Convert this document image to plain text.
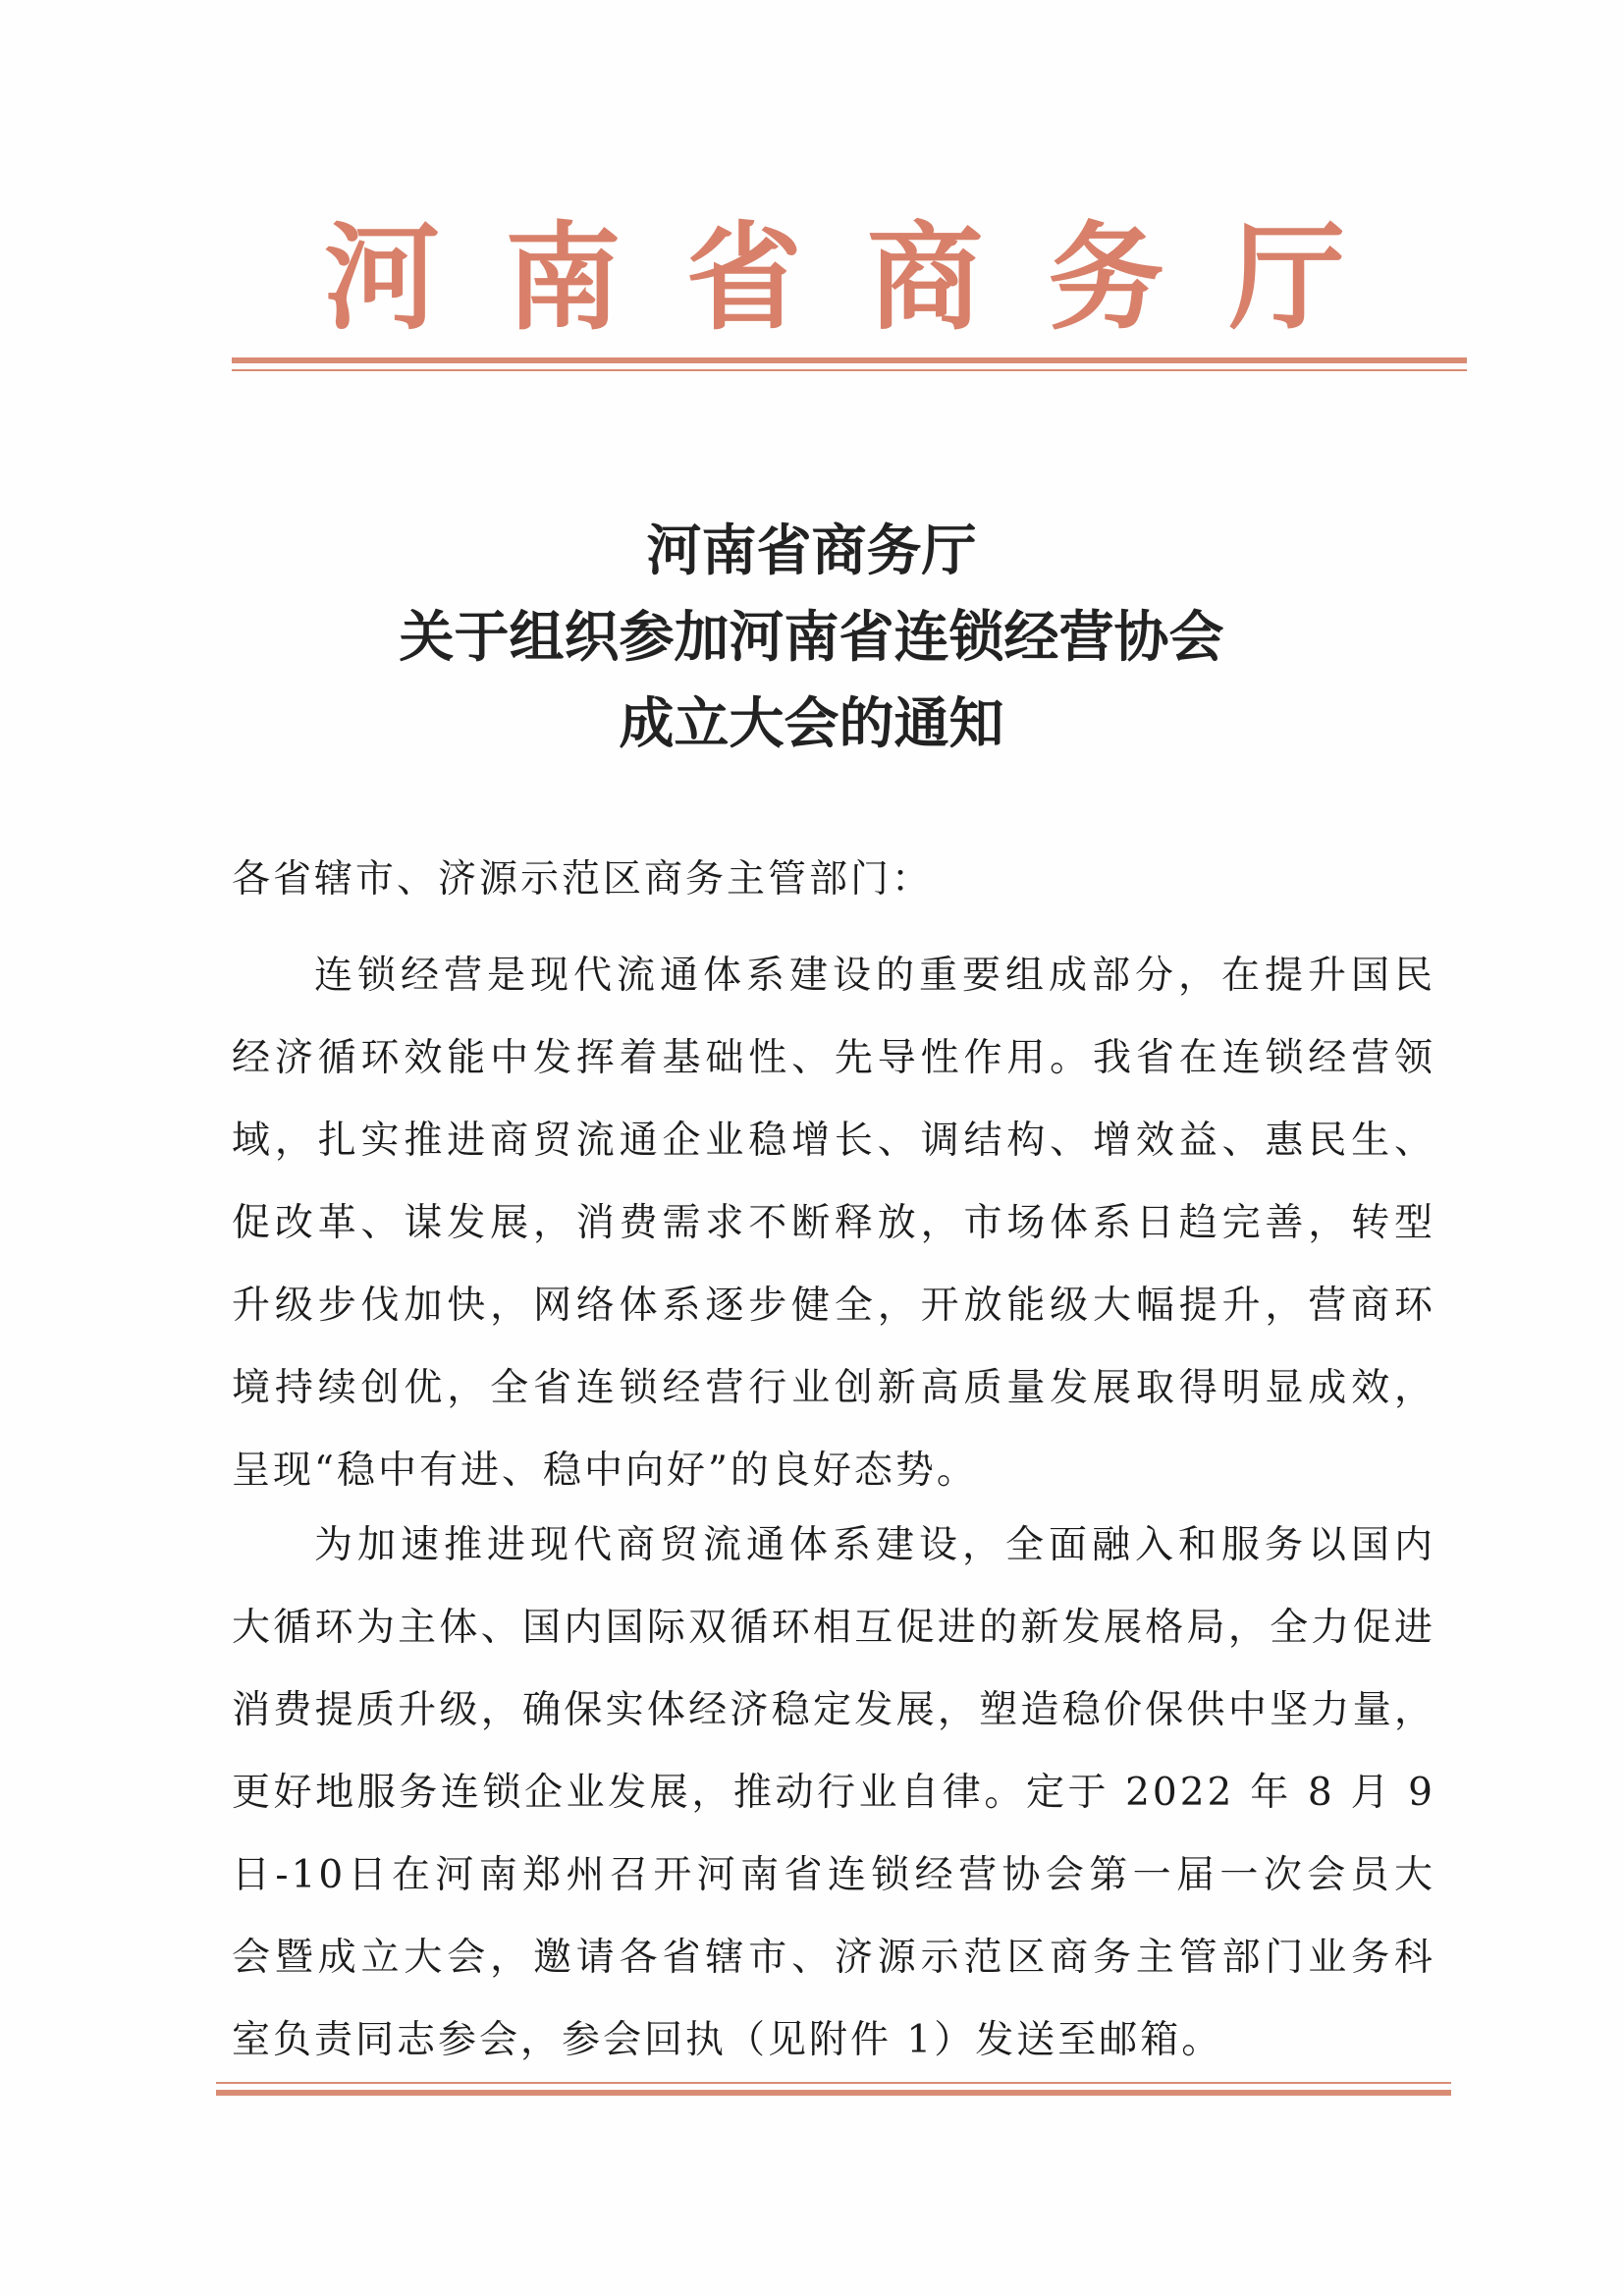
河 南 省 商 务 厅
河南省商务厅
关于组织参加河南省连锁经营协会
成立大会的通知
各省辖市、济源示范区商务主管部门：
连锁经营是现代流通体系建设的重要组成部分，在提升国民
经济循环效能中发挥着基础性、先导性作用。我省在连锁经营领
域，扎实推进商贸流通企业稳增长、调结构、增效益、惠民生、
促改革、谋发展，消费需求不断释放，市场体系日趋完善，转型
升级步伐加快，网络体系逐步健全，开放能级大幅提升，营商环
境持续创优，全省连锁经营行业创新高质量发展取得明显成效，
呈现“稳中有进、稳中向好”的良好态势。
为加速推进现代商贸流通体系建设，全面融入和服务以国内
大循环为主体、国内国际双循环相互促进的新发展格局，全力促进
消费提质升级，确保实体经济稳定发展，塑造稳价保供中坚力量，
更好地服务连锁企业发展，推动行业自律。定于 2022 年 8 月 9
日-10日在河南郑州召开河南省连锁经营协会第一届一次会员大
会暨成立大会，邀请各省辖市、济源示范区商务主管部门业务科
室负责同志参会，参会回执（见附件 1）发送至邮箱。
